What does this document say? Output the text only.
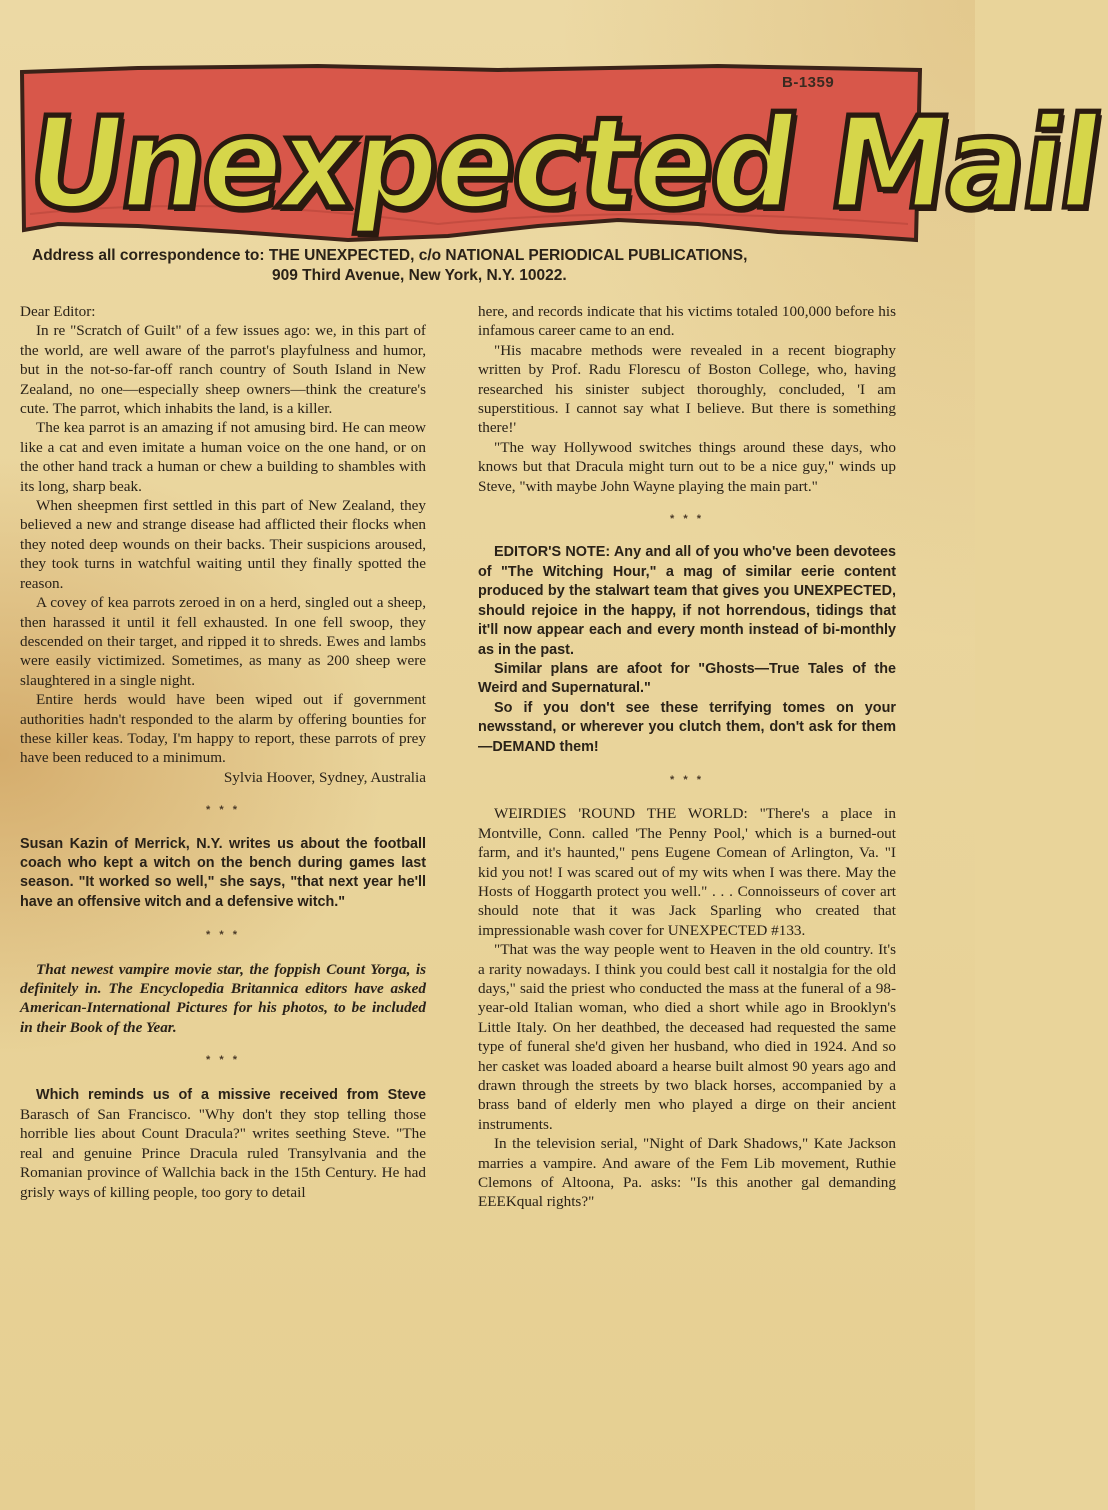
Unexpected Mail
B-1359
Address all correspondence to: THE UNEXPECTED, c/o NATIONAL PERIODICAL PUBLICATIONS,
909 Third Avenue, New York, N.Y. 10022.

Dear Editor:

In re "Scratch of Guilt" of a few issues ago: we, in this part of the world, are well aware of the parrot's playfulness and humor, but in the not-so-far-off ranch country of South Island in New Zealand, no one—especially sheep owners—think the creature's cute. The parrot, which inhabits the land, is a killer.

The kea parrot is an amazing if not amusing bird. He can meow like a cat and even imitate a human voice on the one hand, or on the other hand track a human or chew a building to shambles with its long, sharp beak.

When sheepmen first settled in this part of New Zealand, they believed a new and strange disease had afflicted their flocks when they noted deep wounds on their backs. Their suspicions aroused, they took turns in watchful waiting until they finally spotted the reason.

A covey of kea parrots zeroed in on a herd, singled out a sheep, then harassed it until it fell exhausted. In one fell swoop, they descended on their target, and ripped it to shreds. Ewes and lambs were easily victimized. Sometimes, as many as 200 sheep were slaughtered in a single night.

Entire herds would have been wiped out if government authorities hadn't responded to the alarm by offering bounties for these killer keas. Today, I'm happy to report, these parrots of prey have been reduced to a minimum.

Sylvia Hoover, Sydney, Australia

* * *

Susan Kazin of Merrick, N.Y. writes us about the football coach who kept a witch on the bench during games last season. "It worked so well," she says, "that next year he'll have an offensive witch and a defensive witch."

* * *

That newest vampire movie star, the foppish Count Yorga, is definitely in. The Encyclopedia Britannica editors have asked American-International Pictures for his photos, to be included in their Book of the Year.

* * *

Which reminds us of a missive received from Steve Barasch of San Francisco. "Why don't they stop telling those horrible lies about Count Dracula?" writes seething Steve. "The real and genuine Prince Dracula ruled Transylvania and the Romanian province of Wallchia back in the 15th Century. He had grisly ways of killing people, too gory to detail

here, and records indicate that his victims totaled 100,000 before his infamous career came to an end.

"His macabre methods were revealed in a recent biography written by Prof. Radu Florescu of Boston College, who, having researched his sinister subject thoroughly, concluded, 'I am superstitious. I cannot say what I believe. But there is something there!'

"The way Hollywood switches things around these days, who knows but that Dracula might turn out to be a nice guy," winds up Steve, "with maybe John Wayne playing the main part."

* * *

EDITOR'S NOTE: Any and all of you who've been devotees of "The Witching Hour," a mag of similar eerie content produced by the stalwart team that gives you UNEXPECTED, should rejoice in the happy, if not horrendous, tidings that it'll now appear each and every month instead of bi-monthly as in the past.

Similar plans are afoot for "Ghosts—True Tales of the Weird and Supernatural."

So if you don't see these terrifying tomes on your newsstand, or wherever you clutch them, don't ask for them—DEMAND them!

* * *

WEIRDIES 'ROUND THE WORLD: "There's a place in Montville, Conn. called 'The Penny Pool,' which is a burned-out farm, and it's haunted," pens Eugene Comean of Arlington, Va. "I kid you not! I was scared out of my wits when I was there. May the Hosts of Hoggarth protect you well." . . . Connoisseurs of cover art should note that it was Jack Sparling who created that impressionable wash cover for UNEXPECTED #133.

"That was the way people went to Heaven in the old country. It's a rarity nowadays. I think you could best call it nostalgia for the old days," said the priest who conducted the mass at the funeral of a 98-year-old Italian woman, who died a short while ago in Brooklyn's Little Italy. On her deathbed, the deceased had requested the same type of funeral she'd given her husband, who died in 1924. And so her casket was loaded aboard a hearse built almost 90 years ago and drawn through the streets by two black horses, accompanied by a brass band of elderly men who played a dirge on their ancient instruments.

In the television serial, "Night of Dark Shadows," Kate Jackson marries a vampire. And aware of the Fem Lib movement, Ruthie Clemons of Altoona, Pa. asks: "Is this another gal demanding EEEKqual rights?"
